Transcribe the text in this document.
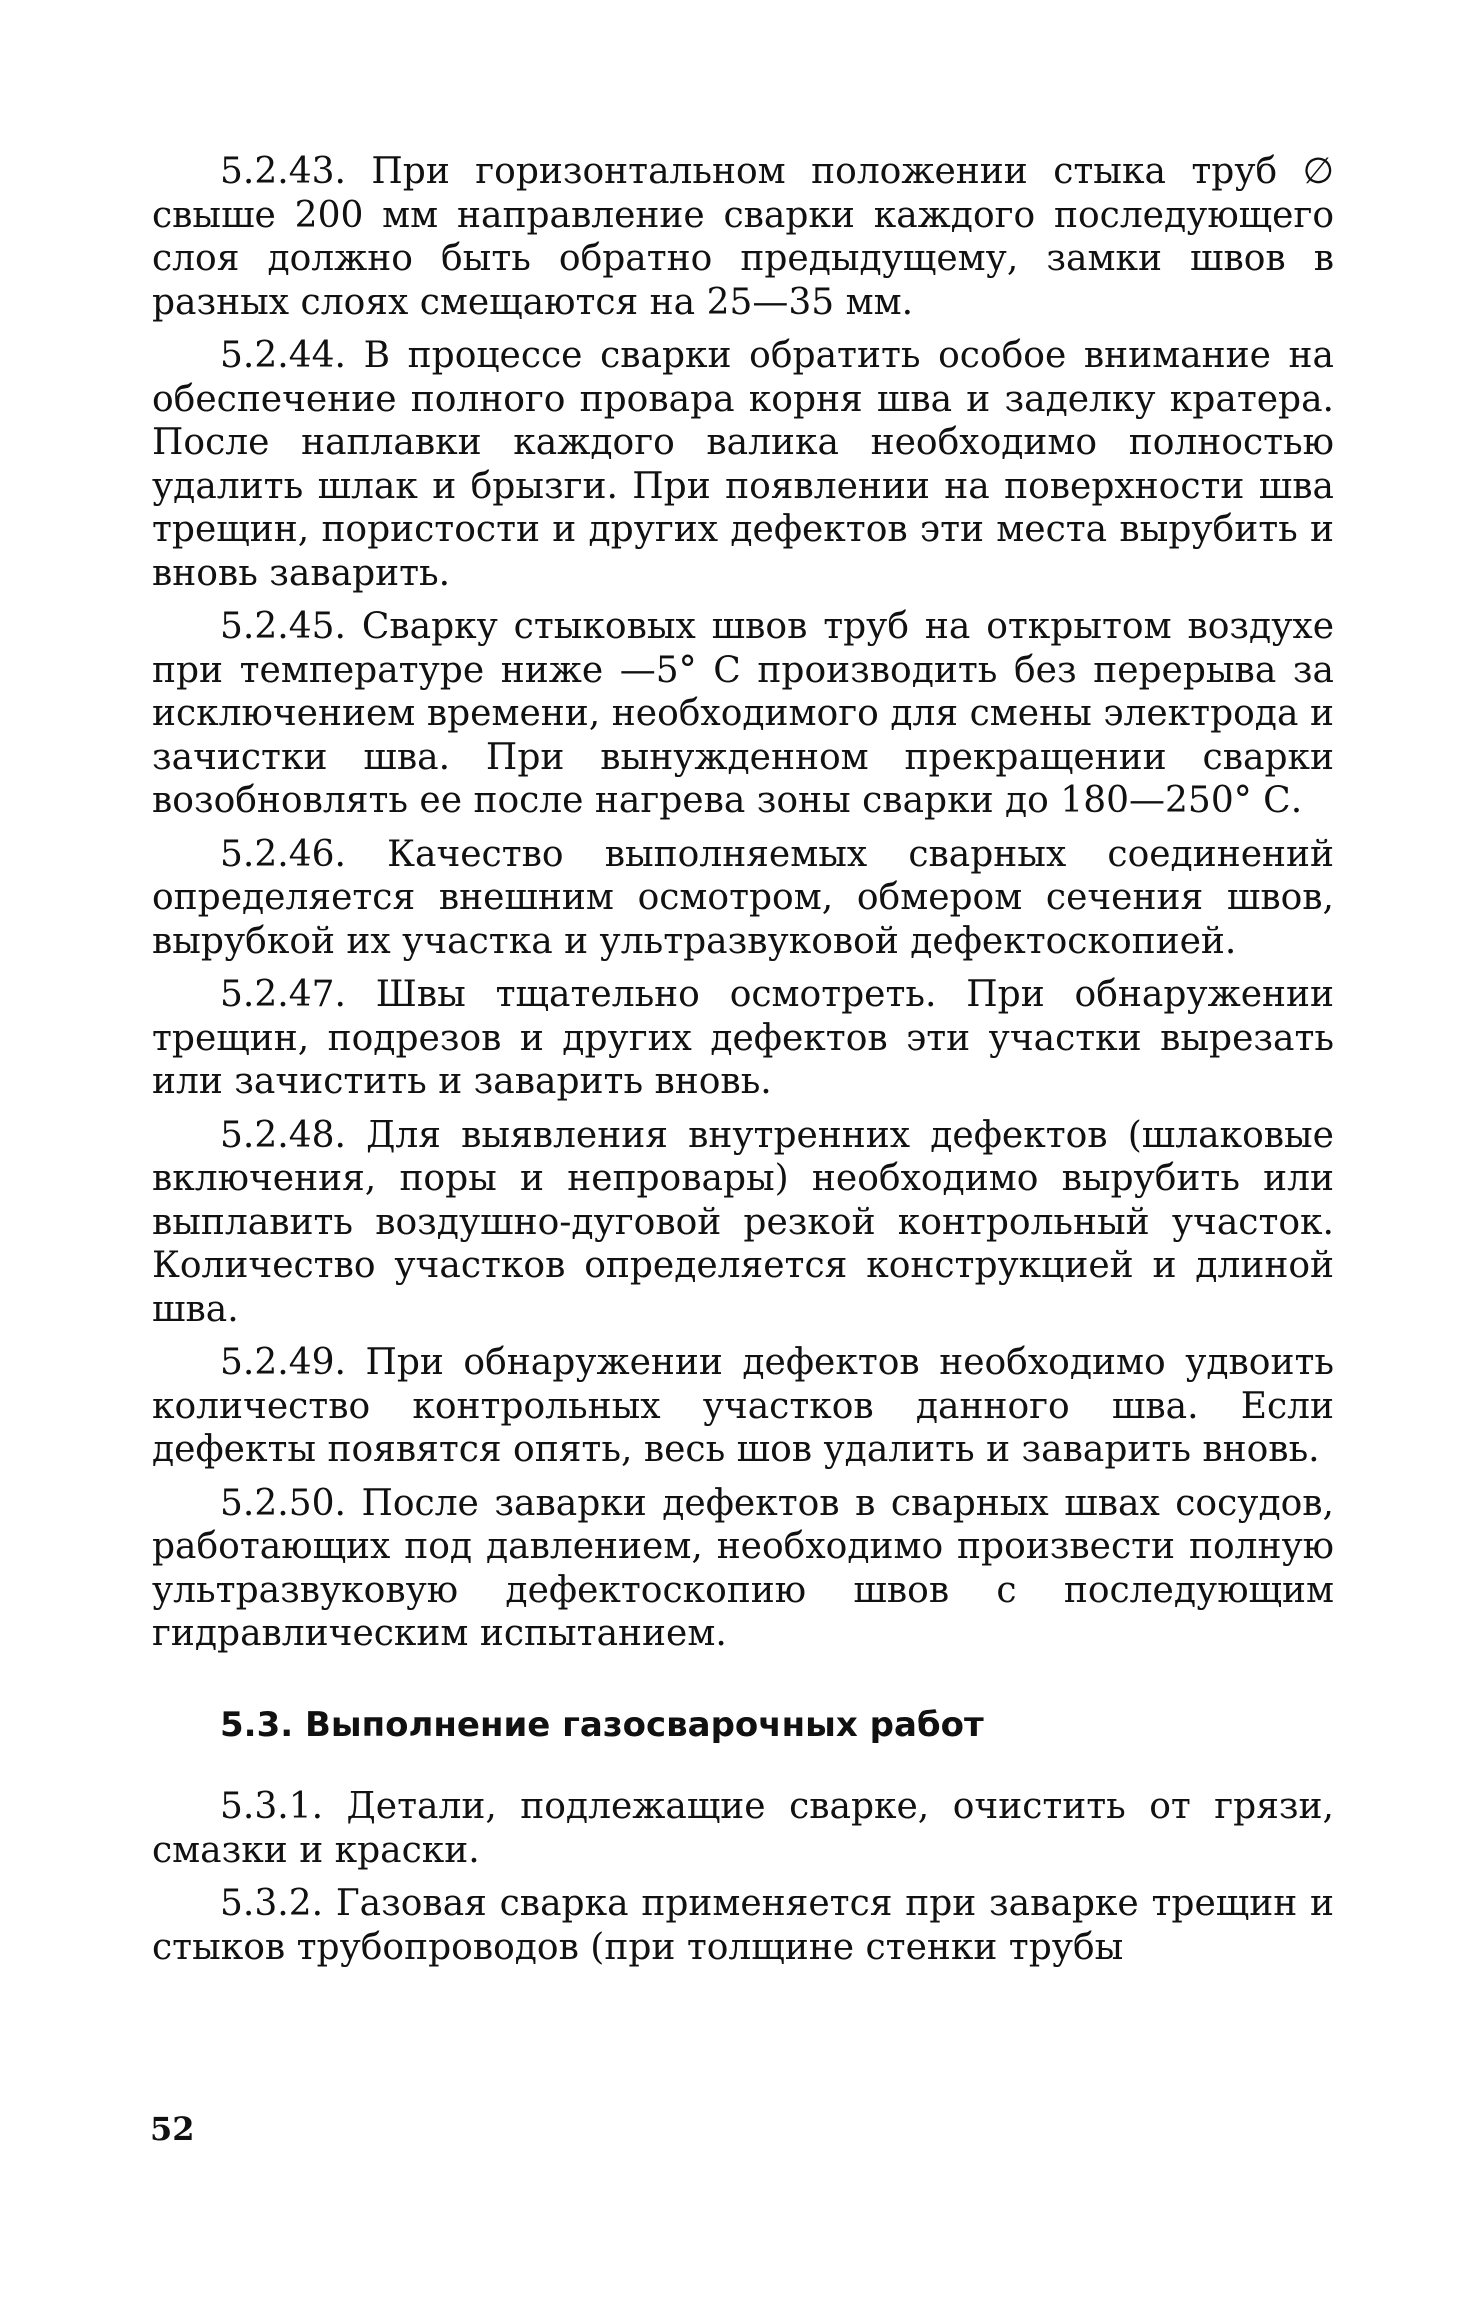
5.2.43. При горизонтальном положении стыка труб ∅ свыше 200 мм направление сварки каждого последующего слоя должно быть обратно предыдущему, замки швов в разных слоях смещаются на 25—35 мм.

5.2.44. В процессе сварки обратить особое внимание на обеспечение полного провара корня шва и заделку кратера. После наплавки каждого валика необходимо полностью удалить шлак и брызги. При появлении на поверхности шва трещин, пористости и других дефектов эти места вырубить и вновь заварить.

5.2.45. Сварку стыковых швов труб на открытом воздухе при температуре ниже —5° С производить без перерыва за исключением времени, необходимого для смены электрода и зачистки шва. При вынужденном прекращении сварки возобновлять ее после нагрева зоны сварки до 180—250° С.

5.2.46. Качество выполняемых сварных соединений определяется внешним осмотром, обмером сечения швов, вырубкой их участка и ультразвуковой дефектоскопией.

5.2.47. Швы тщательно осмотреть. При обнаружении трещин, подрезов и других дефектов эти участки вырезать или зачистить и заварить вновь.

5.2.48. Для выявления внутренних дефектов (шлаковые включения, поры и непровары) необходимо вырубить или выплавить воздушно-дуговой резкой контрольный участок. Количество участков определяется конструкцией и длиной шва.

5.2.49. При обнаружении дефектов необходимо удвоить количество контрольных участков данного шва. Если дефекты появятся опять, весь шов удалить и заварить вновь.

5.2.50. После заварки дефектов в сварных швах сосудов, работающих под давлением, необходимо произвести полную ультразвуковую дефектоскопию швов с последующим гидравлическим испытанием.

5.3. Выполнение газосварочных работ

5.3.1. Детали, подлежащие сварке, очистить от грязи, смазки и краски.

5.3.2. Газовая сварка применяется при заварке трещин и стыков трубопроводов (при толщине стенки трубы

52
